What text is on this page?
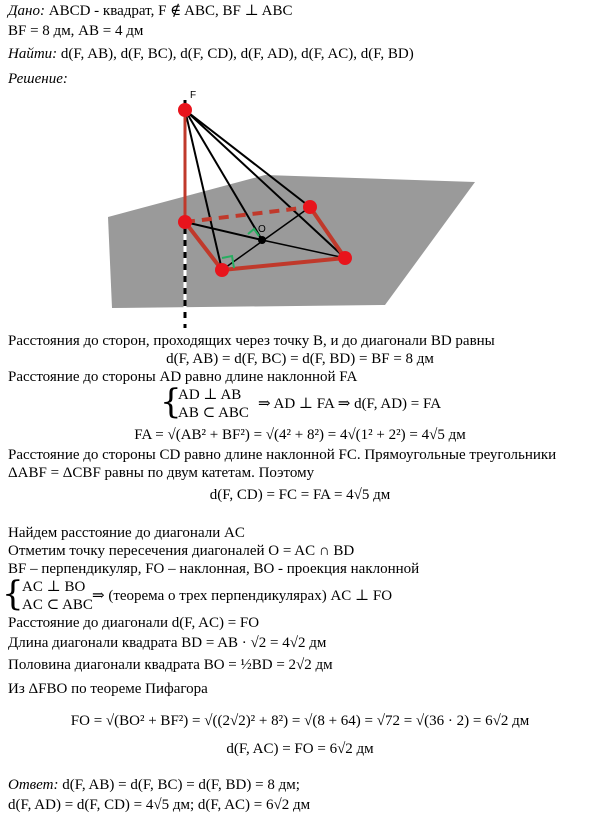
Дано: ABCD - квадрат, F ∉ ABC, BF ⊥ ABC
BF = 8 дм, AB = 4 дм
Найти: d(F, AB), d(F, BC), d(F, CD), d(F, AD), d(F, AC), d(F, BD)
Решение:
F
O
Расстояния до сторон, проходящих через точку B, и до диагонали BD равны
d(F, AB) = d(F, BC) = d(F, BD) = BF = 8 дм
Расстояние до стороны AD равно длине наклонной FA
{
AD ⊥ AB
AB ⊂ ABC
⇒ AD ⊥ FA ⇒ d(F, AD) = FA
FA = √(AB² + BF²) = √(4² + 8²) = 4√(1² + 2²) = 4√5 дм
Расстояние до стороны CD равно длине наклонной FC. Прямоугольные треугольники
ΔABF = ΔCBF равны по двум катетам. Поэтому
d(F, CD) = FC = FA = 4√5 дм
Найдем расстояние до диагонали AC
Отметим точку пересечения диагоналей O = AC ∩ BD
BF – перпендикуляр, FO – наклонная, BO - проекция наклонной
{
AC ⊥ BO
AC ⊂ ABC
⇒ (теорема о трех перпендикулярах) AC ⊥ FO
Расстояние до диагонали d(F, AC) = FO
Длина диагонали квадрата BD = AB · √2 = 4√2 дм
Половина диагонали квадрата BO = ½BD = 2√2 дм
Из ΔFBO по теореме Пифагора
FO = √(BO² + BF²) = √((2√2)² + 8²) = √(8 + 64) = √72 = √(36 · 2) = 6√2 дм
d(F, AC) = FO = 6√2 дм
Ответ: d(F, AB) = d(F, BC) = d(F, BD) = 8 дм;
d(F, AD) = d(F, CD) = 4√5 дм; d(F, AC) = 6√2 дм
